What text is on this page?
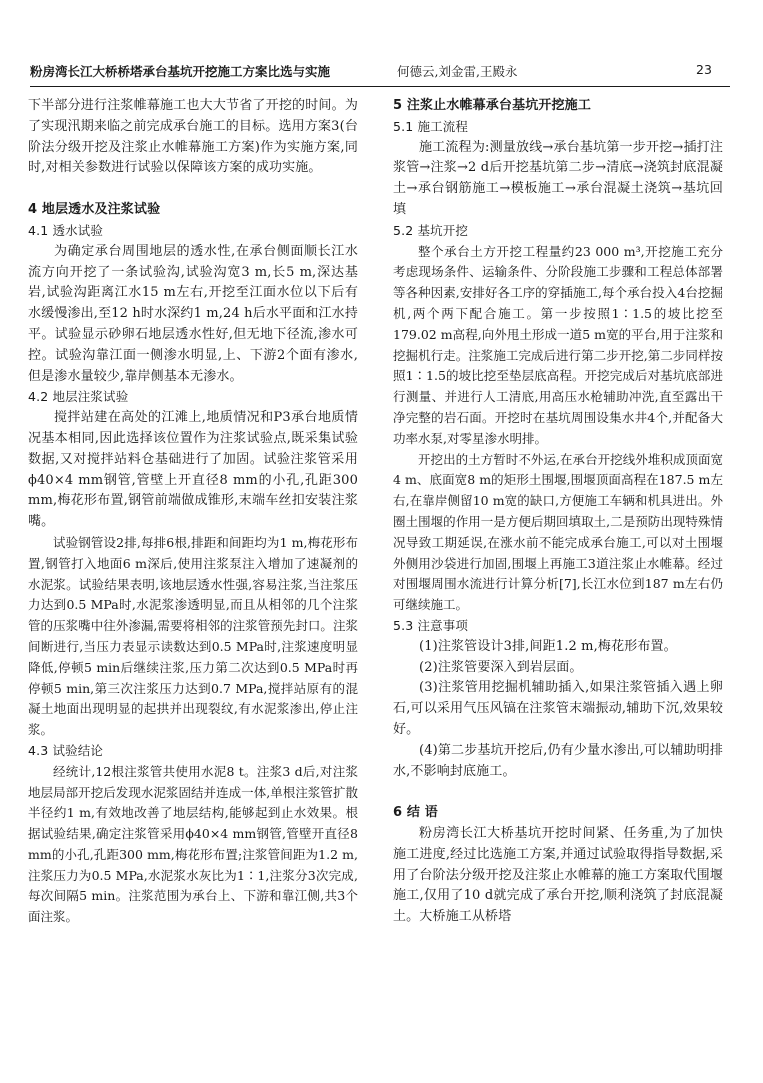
粉房湾长江大桥桥塔承台基坑开挖施工方案比选与实施	何德云,刘金雷,王殿永	23

下半部分进行注浆帷幕施工也大大节省了开挖的时间。为了实现汛期来临之前完成承台施工的目标。选用方案3(台阶法分级开挖及注浆止水帷幕施工方案)作为实施方案,同时,对相关参数进行试验以保障该方案的成功实施。

4 地层透水及注浆试验
4.1 透水试验

为确定承台周围地层的透水性,在承台侧面顺长江水流方向开挖了一条试验沟,试验沟宽3 m,长5 m,深达基岩,试验沟距离江水15 m左右,开挖至江面水位以下后有水缓慢渗出,至12 h时水深约1 m,24 h后水平面和江水持平。试验显示砂卵石地层透水性好,但无地下径流,渗水可控。试验沟靠江面一侧渗水明显,上、下游2个面有渗水,但是渗水量较少,靠岸侧基本无渗水。

4.2 地层注浆试验

搅拌站建在高处的江滩上,地质情况和P3承台地质情况基本相同,因此选择该位置作为注浆试验点,既采集试验数据,又对搅拌站料仓基础进行了加固。试验注浆管采用ϕ40×4 mm钢管,管壁上开直径8 mm的小孔,孔距300 mm,梅花形布置,钢管前端做成锥形,末端车丝扣安装注浆嘴。

试验钢管设2排,每排6根,排距和间距均为1 m,梅花形布置,钢管打入地面6 m深后,使用注浆泵注入增加了速凝剂的水泥浆。试验结果表明,该地层透水性强,容易注浆,当注浆压力达到0.5 MPa时,水泥浆渗透明显,而且从相邻的几个注浆管的压浆嘴中往外渗漏,需要将相邻的注浆管预先封口。注浆间断进行,当压力表显示读数达到0.5 MPa时,注浆速度明显降低,停顿5 min后继续注浆,压力第二次达到0.5 MPa时再停顿5 min,第三次注浆压力达到0.7 MPa,搅拌站原有的混凝土地面出现明显的起拱并出现裂纹,有水泥浆渗出,停止注浆。

4.3 试验结论

经统计,12根注浆管共使用水泥8 t。注浆3 d后,对注浆地层局部开挖后发现水泥浆固结并连成一体,单根注浆管扩散半径约1 m,有效地改善了地层结构,能够起到止水效果。根据试验结果,确定注浆管采用ϕ40×4 mm钢管,管壁开直径8 mm的小孔,孔距300 mm,梅花形布置;注浆管间距为1.2 m,注浆压力为0.5 MPa,水泥浆水灰比为1∶1,注浆分3次完成,每次间隔5 min。注浆范围为承台上、下游和靠江侧,共3个面注浆。

5 注浆止水帷幕承台基坑开挖施工
5.1 施工流程

施工流程为:测量放线→承台基坑第一步开挖→插打注浆管→注浆→2 d后开挖基坑第二步→清底→浇筑封底混凝土→承台钢筋施工→模板施工→承台混凝土浇筑→基坑回填

5.2 基坑开挖

整个承台土方开挖工程量约23 000 m³,开挖施工充分考虑现场条件、运输条件、分阶段施工步骤和工程总体部署等各种因素,安排好各工序的穿插施工,每个承台投入4台挖掘机,两个两下配合施工。第一步按照1∶1.5的坡比挖至179.02 m高程,向外甩土形成一道5 m宽的平台,用于注浆和挖掘机行走。注浆施工完成后进行第二步开挖,第二步同样按照1∶1.5的坡比挖至垫层底高程。开挖完成后对基坑底部进行测量、并进行人工清底,用高压水枪辅助冲洗,直至露出干净完整的岩石面。开挖时在基坑周围设集水井4个,并配备大功率水泵,对零星渗水明排。

开挖出的土方暂时不外运,在承台开挖线外堆积成顶面宽4 m、底面宽8 m的矩形土围堰,围堰顶面高程在187.5 m左右,在靠岸侧留10 m宽的缺口,方便施工车辆和机具进出。外圈土围堰的作用一是方便后期回填取土,二是预防出现特殊情况导致工期延误,在涨水前不能完成承台施工,可以对土围堰外侧用沙袋进行加固,围堰上再施工3道注浆止水帷幕。经过对围堰周围水流进行计算分析[7],长江水位到187 m左右仍可继续施工。

5.3 注意事项

(1)注浆管设计3排,间距1.2 m,梅花形布置。

(2)注浆管要深入到岩层面。

(3)注浆管用挖掘机辅助插入,如果注浆管插入遇上卵石,可以采用气压风镐在注浆管末端振动,辅助下沉,效果较好。

(4)第二步基坑开挖后,仍有少量水渗出,可以辅助明排水,不影响封底施工。

6 结 语

粉房湾长江大桥基坑开挖时间紧、任务重,为了加快施工进度,经过比选施工方案,并通过试验取得指导数据,采用了台阶法分级开挖及注浆止水帷幕的施工方案取代围堰施工,仅用了10 d就完成了承台开挖,顺利浇筑了封底混凝土。大桥施工从桥塔
